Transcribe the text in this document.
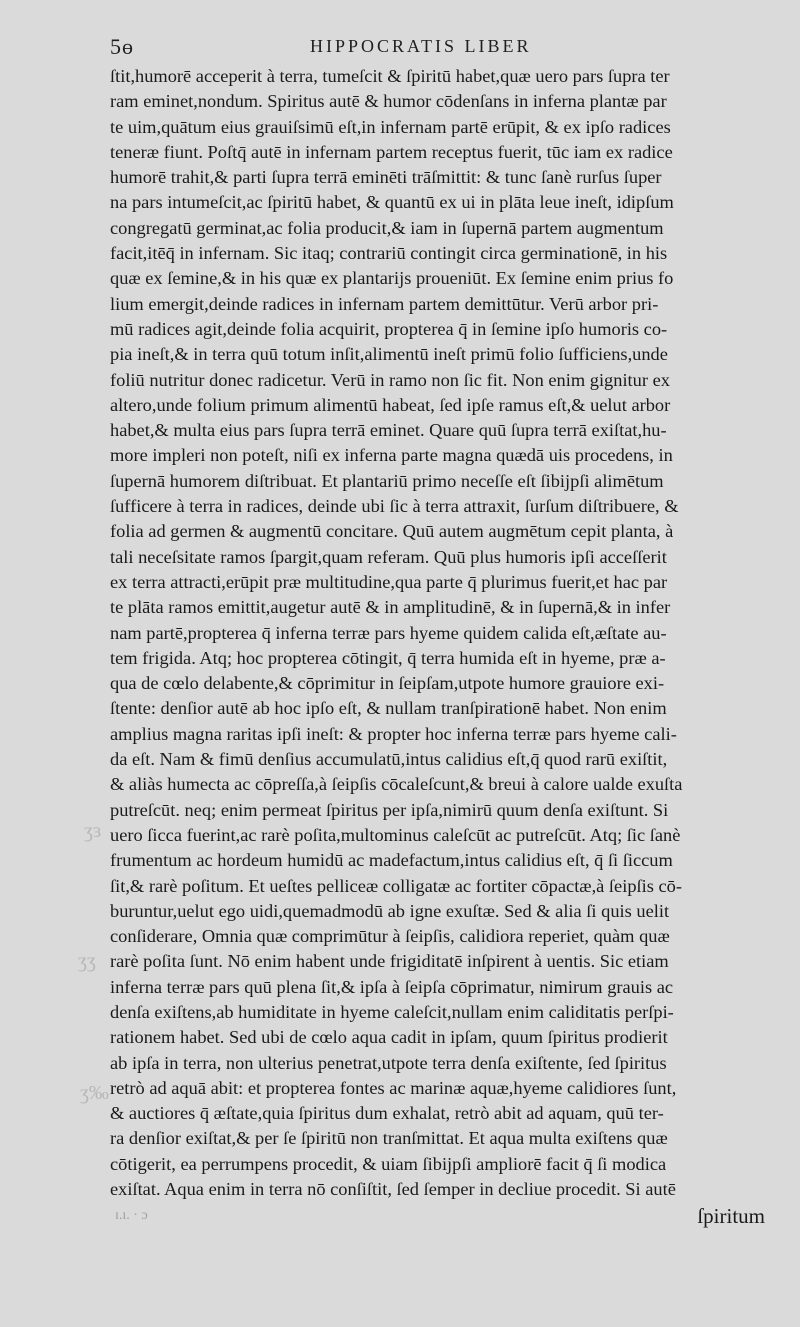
5ɵ	HIPPOCRATIS LIBER
ſtit,humorē acceperit à terra, tumeſcit & ſpiritū habet,quæ uero pars ſupra ter
ram eminet,nondum. Spiritus autē & humor cōdenſans in inferna plantæ par
te uim,quātum eius grauiſsimū eſt,in infernam partē erūpit, & ex ipſo radices
teneræ fiunt. Poſtq̄ autē in infernam partem receptus fuerit, tūc iam ex radice
humorē trahit,& parti ſupra terrā eminēti trāſmittit: & tunc ſanè rurſus ſuper
na pars intumeſcit,ac ſpiritū habet, & quantū ex ui in plāta leue ineſt, idipſum
congregatū germinat,ac folia producit,& iam in ſupernā partem augmentum
facit,itēq̄ in infernam. Sic itaq; contrariū contingit circa germinationē, in his
quæ ex ſemine,& in his quæ ex plantarijs proueniūt. Ex ſemine enim prius fo
lium emergit,deinde radices in infernam partem demittūtur. Verū arbor pri-
mū radices agit,deinde folia acquirit, propterea q̄ in ſemine ipſo humoris co-
pia ineſt,& in terra quū totum inſit,alimentū ineſt primū folio ſufficiens,unde
foliū nutritur donec radicetur. Verū in ramo non ſic fit. Non enim gignitur ex
altero,unde folium primum alimentū habeat, ſed ipſe ramus eſt,& uelut arbor
habet,& multa eius pars ſupra terrā eminet. Quare quū ſupra terrā exiſtat,hu-
more impleri non poteſt, niſi ex inferna parte magna quædā uis procedens, in
ſupernā humorem diſtribuat. Et plantariū primo neceſſe eſt ſibijpſi alimētum
ſufficere à terra in radices, deinde ubi ſic à terra attraxit, ſurſum diſtribuere, &
folia ad germen & augmentū concitare. Quū autem augmētum cepit planta, à
tali neceſsitate ramos ſpargit,quam referam. Quū plus humoris ipſi acceſſerit
ex terra attracti,erūpit præ multitudine,qua parte q̄ plurimus fuerit,et hac par
te plāta ramos emittit,augetur autē & in amplitudinē, & in ſupernā,& in infer
nam partē,propterea q̄ inferna terræ pars hyeme quidem calida eſt,æſtate au-
tem frigida. Atq; hoc propterea cōtingit, q̄ terra humida eſt in hyeme, præ a-
qua de cœlo delabente,& cōprimitur in ſeipſam,utpote humore grauiore exi-
ſtente: denſior autē ab hoc ipſo eſt, & nullam tranſpirationē habet. Non enim
amplius magna raritas ipſi ineſt: & propter hoc inferna terræ pars hyeme cali-
da eſt. Nam & fimū denſius accumulatū,intus calidius eſt,q̄ quod rarū exiſtit,
& aliàs humecta ac cōpreſſa,à ſeipſis cōcaleſcunt,& breui à calore ualde exuſta
putreſcūt. neq; enim permeat ſpiritus per ipſa,nimirū quum denſa exiſtunt. Si
uero ſicca fuerint,ac rarè poſita,multominus caleſcūt ac putreſcūt. Atq; ſic ſanè
frumentum ac hordeum humidū ac madefactum,intus calidius eſt, q̄ ſi ſiccum
ſit,& rarè poſitum. Et ueſtes pelliceæ colligatæ ac fortiter cōpactæ,à ſeipſis cō-
buruntur,uelut ego uidi,quemadmodū ab igne exuſtæ. Sed & alia ſi quis uelit
conſiderare, Omnia quæ comprimūtur à ſeipſis, calidiora reperiet, quàm quæ
rarè poſita ſunt. Nō enim habent unde frigiditatē inſpirent à uentis. Sic etiam
inferna terræ pars quū plena ſit,& ipſa à ſeipſa cōprimatur, nimirum grauis ac
denſa exiſtens,ab humiditate in hyeme caleſcit,nullam enim caliditatis perſpi-
rationem habet. Sed ubi de cœlo aqua cadit in ipſam, quum ſpiritus prodierit
ab ipſa in terra, non ulterius penetrat,utpote terra denſa exiſtente, ſed ſpiritus
retrò ad aquā abit: et propterea fontes ac marinæ aquæ,hyeme calidiores ſunt,
& auctiores q̄ æſtate,quia ſpiritus dum exhalat, retrò abit ad aquam, quū ter-
ra denſior exiſtat,& per ſe ſpiritū non tranſmittat. Et aqua multa exiſtens quæ
cōtigerit, ea perrumpens procedit, & uiam ſibijpſi ampliorē facit q̄ ſi modica
exiſtat. Aqua enim in terra nō conſiſtit, ſed ſemper in decliue procedit. Si autē
ſpiritum
ʒɜ
ʒʒ
ʒ‰
ɪ.ı. · ɔ
